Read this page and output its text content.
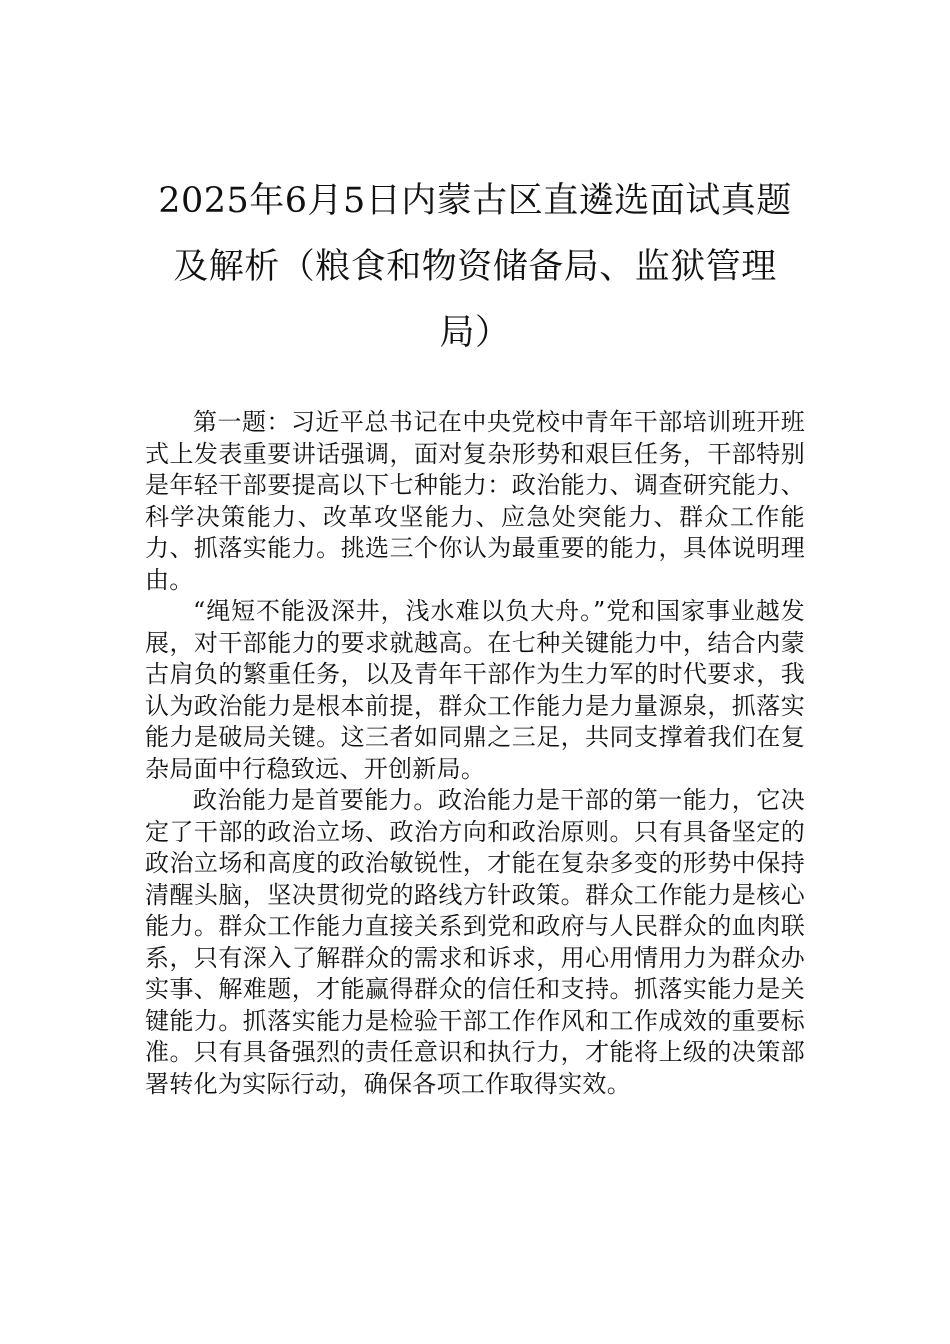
2025年6月5日内蒙古区直遴选面试真题
及解析（粮食和物资储备局、监狱管理
局）

第一题：习近平总书记在中央党校中青年干部培训班开班式上发表重要讲话强调，面对复杂形势和艰巨任务，干部特别是年轻干部要提高以下七种能力：政治能力、调查研究能力、科学决策能力、改革攻坚能力、应急处突能力、群众工作能力、抓落实能力。挑选三个你认为最重要的能力，具体说明理由。

“绳短不能汲深井，浅水难以负大舟。”党和国家事业越发展，对干部能力的要求就越高。在七种关键能力中，结合内蒙古肩负的繁重任务，以及青年干部作为生力军的时代要求，我认为政治能力是根本前提，群众工作能力是力量源泉，抓落实能力是破局关键。这三者如同鼎之三足，共同支撑着我们在复杂局面中行稳致远、开创新局。

政治能力是首要能力。政治能力是干部的第一能力，它决定了干部的政治立场、政治方向和政治原则。只有具备坚定的政治立场和高度的政治敏锐性，才能在复杂多变的形势中保持清醒头脑，坚决贯彻党的路线方针政策。群众工作能力是核心能力。群众工作能力直接关系到党和政府与人民群众的血肉联系，只有深入了解群众的需求和诉求，用心用情用力为群众办实事、解难题，才能赢得群众的信任和支持。抓落实能力是关键能力。抓落实能力是检验干部工作作风和工作成效的重要标准。只有具备强烈的责任意识和执行力，才能将上级的决策部署转化为实际行动，确保各项工作取得实效。
